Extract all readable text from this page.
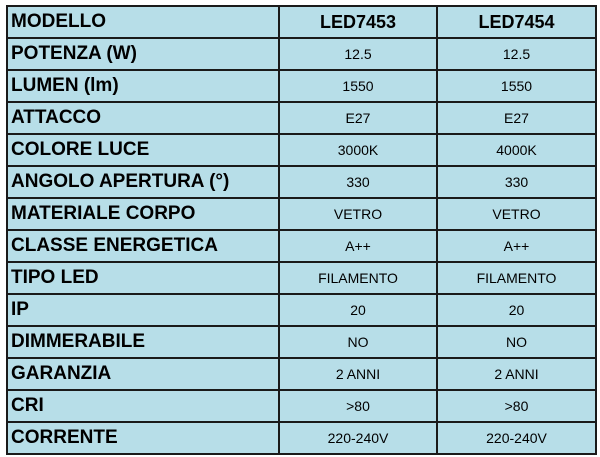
MODELLO	LED7453	LED7454
POTENZA (W)	12.5	12.5
LUMEN (lm)	1550	1550
ATTACCO	E27	E27
COLORE LUCE	3000K	4000K
ANGOLO APERTURA (°)	330	330
MATERIALE CORPO	VETRO	VETRO
CLASSE ENERGETICA	A++	A++
TIPO LED	FILAMENTO	FILAMENTO
IP	20	20
DIMMERABILE	NO	NO
GARANZIA	2 ANNI	2 ANNI
CRI	>80	>80
CORRENTE	220-240V	220-240V
